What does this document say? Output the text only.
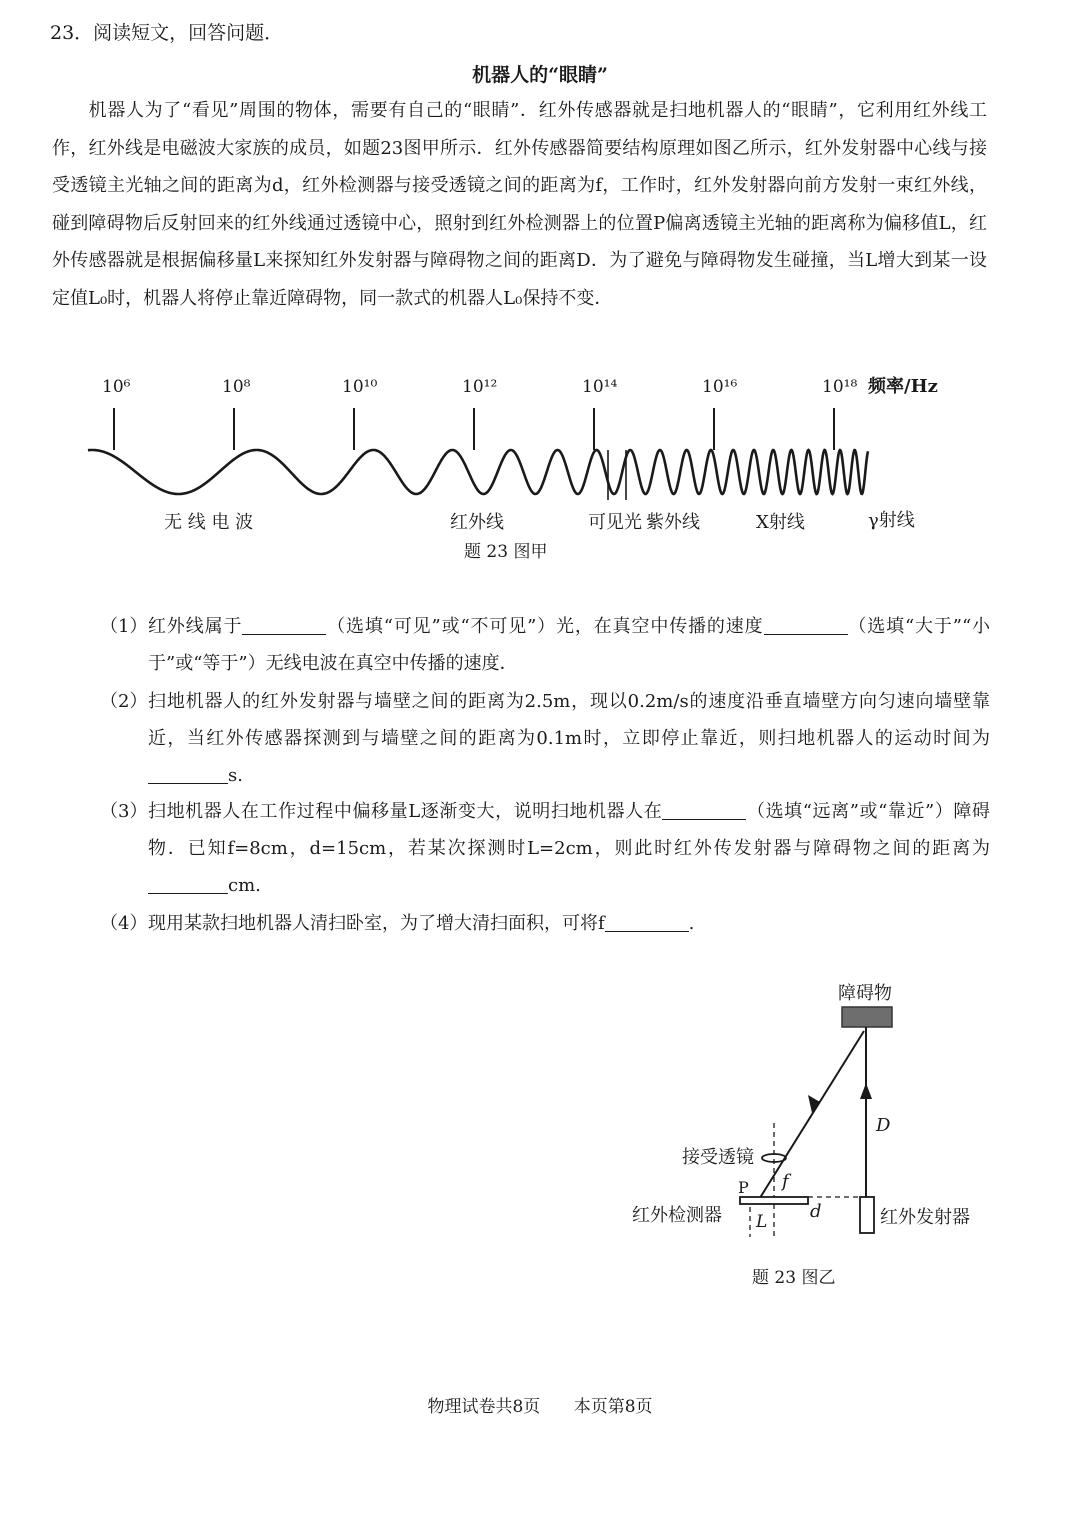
23．阅读短文，回答问题．
机器人的“眼睛”
机器人为了“看见”周围的物体，需要有自己的“眼睛”．红外传感器就是扫地机器人的“眼睛”，它利用红外线工作，红外线是电磁波大家族的成员，如题23图甲所示．红外传感器简要结构原理如图乙所示，红外发射器中心线与接受透镜主光轴之间的距离为d，红外检测器与接受透镜之间的距离为f，工作时，红外发射器向前方发射一束红外线，碰到障碍物后反射回来的红外线通过透镜中心，照射到红外检测器上的位置P偏离透镜主光轴的距离称为偏移值L，红外传感器就是根据偏移量L来探知红外发射器与障碍物之间的距离D．为了避免与障碍物发生碰撞，当L增大到某一设定值L₀时，机器人将停止靠近障碍物，同一款式的机器人L₀保持不变．
10⁶	10⁸	10¹⁰	10¹²	10¹⁴	10¹⁶	10¹⁸ 频率/Hz
无 线 电 波	红外线	可见光 紫外线	X射线	γ射线
题 23 图甲
（1） 红外线属于	（选填“可见”或“不可见”）光，在真空中传播的速度	（选填“大于”“小于”或“等于”）无线电波在真空中传播的速度．
（2） 扫地机器人的红外发射器与墙壁之间的距离为2.5m，现以0.2m/s的速度沿垂直墙壁方向匀速向墙壁靠近，当红外传感器探测到与墙壁之间的距离为0.1m时，立即停止靠近，则扫地机器人的运动时间为s.
（3） 扫地机器人在工作过程中偏移量L逐渐变大，说明扫地机器人在	（选填“远离”或“靠近”）障碍物．已知f=8cm，d=15cm，若某次探测时L=2cm，则此时红外传发射器与障碍物之间的距离为cm.
（4） 现用某款扫地机器人清扫卧室，为了增大清扫面积，可将f	.
障碍物
D
接受透镜
f
P
L
红外检测器	d	红外发射器
题 23 图乙
物理试卷共8页 本页第8页
